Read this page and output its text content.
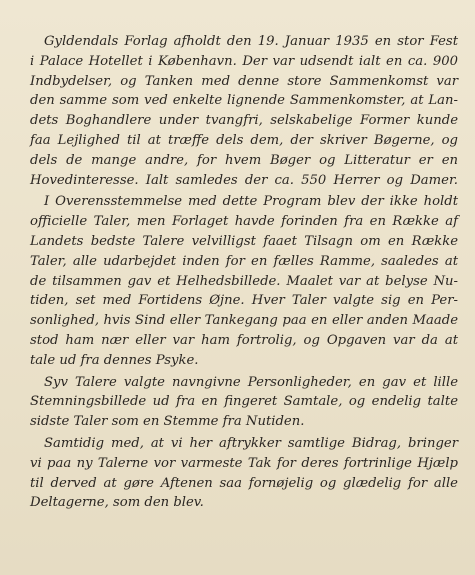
Gyldendals Forlag afholdt den 19. Januar 1935 en stor Fest
i Palace Hotellet i København. Der var udsendt ialt en ca. 900
Indbydelser, og Tanken med denne store Sammenkomst var
den samme som ved enkelte lignende Sammenkomster, at Lan-
dets Boghandlere under tvangfri, selskabelige Former kunde
faa Lejlighed til at træffe dels dem, der skriver Bøgerne, og
dels de mange andre, for hvem Bøger og Litteratur er en
Hovedinteresse. Ialt samledes der ca. 550 Herrer og Damer.

I Overensstemmelse med dette Program blev der ikke holdt
officielle Taler, men Forlaget havde forinden fra en Række af
Landets bedste Talere velvilligst faaet Tilsagn om en Række
Taler, alle udarbejdet inden for en fælles Ramme, saaledes at
de tilsammen gav et Helhedsbillede. Maalet var at belyse Nu-
tiden, set med Fortidens Øjne. Hver Taler valgte sig en Per-
sonlighed, hvis Sind eller Tankegang paa en eller anden Maade
stod ham nær eller var ham fortrolig, og Opgaven var da at
tale ud fra dennes Psyke.

Syv Talere valgte navngivne Personligheder, en gav et lille
Stemningsbillede ud fra en fingeret Samtale, og endelig talte
sidste Taler som en Stemme fra Nutiden.

Samtidig med, at vi her aftrykker samtlige Bidrag, bringer
vi paa ny Talerne vor varmeste Tak for deres fortrinlige Hjælp
til derved at gøre Aftenen saa fornøjelig og glædelig for alle
Deltagerne, som den blev.
